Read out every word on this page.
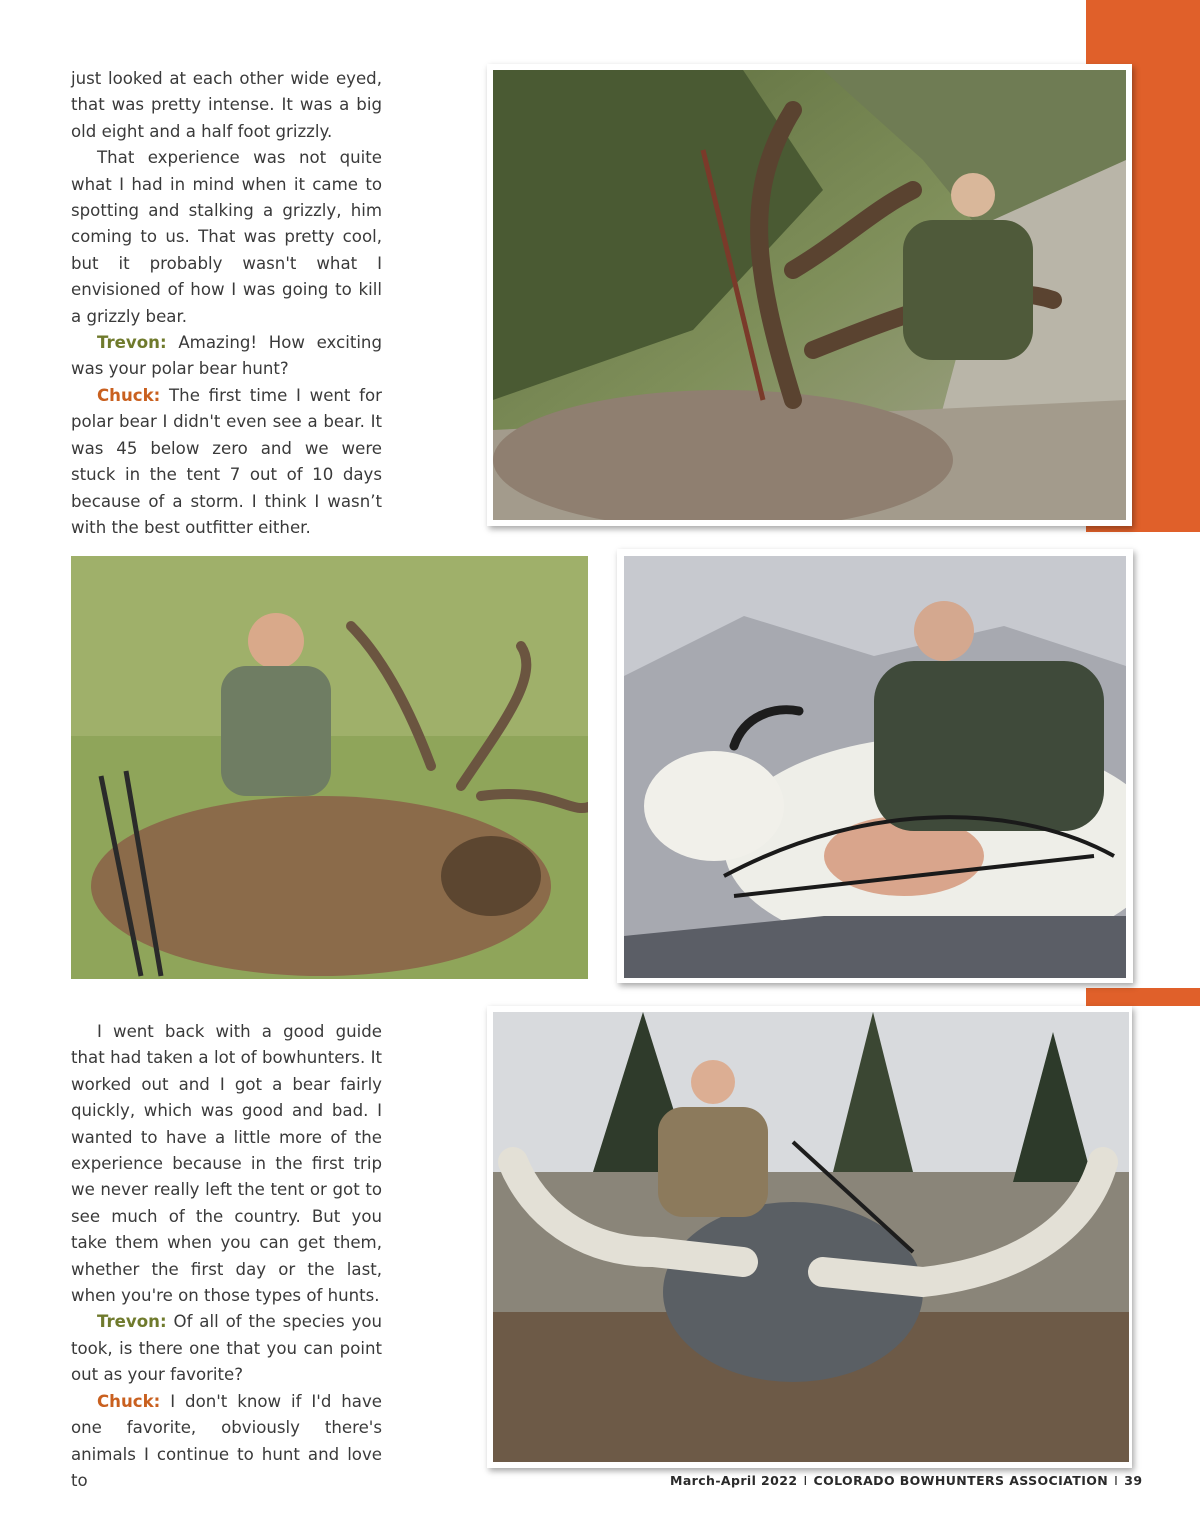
just looked at each other wide eyed, that was pretty intense. It was a big old eight and a half foot grizzly.

That experience was not quite what I had in mind when it came to spotting and stalking a grizzly, him coming to us. That was pretty cool, but it probably wasn't what I envisioned of how I was going to kill a grizzly bear.

Trevon: Amazing! How exciting was your polar bear hunt?

Chuck: The first time I went for polar bear I didn't even see a bear. It was 45 below zero and we were stuck in the tent 7 out of 10 days because of a storm. I think I wasn’t with the best outfitter either.

I went back with a good guide that had taken a lot of bowhunters. It worked out and I got a bear fairly quickly, which was good and bad. I wanted to have a little more of the experience because in the first trip we never really left the tent or got to see much of the country. But you take them when you can get them, whether the first day or the last, when you're on those types of hunts.

Trevon: Of all of the species you took, is there one that you can point out as your favorite?

Chuck: I don't know if I'd have one favorite, obviously there's animals I continue to hunt and love to	March-April 2022 I COLORADO BOWHUNTERS ASSOCIATION I 39
